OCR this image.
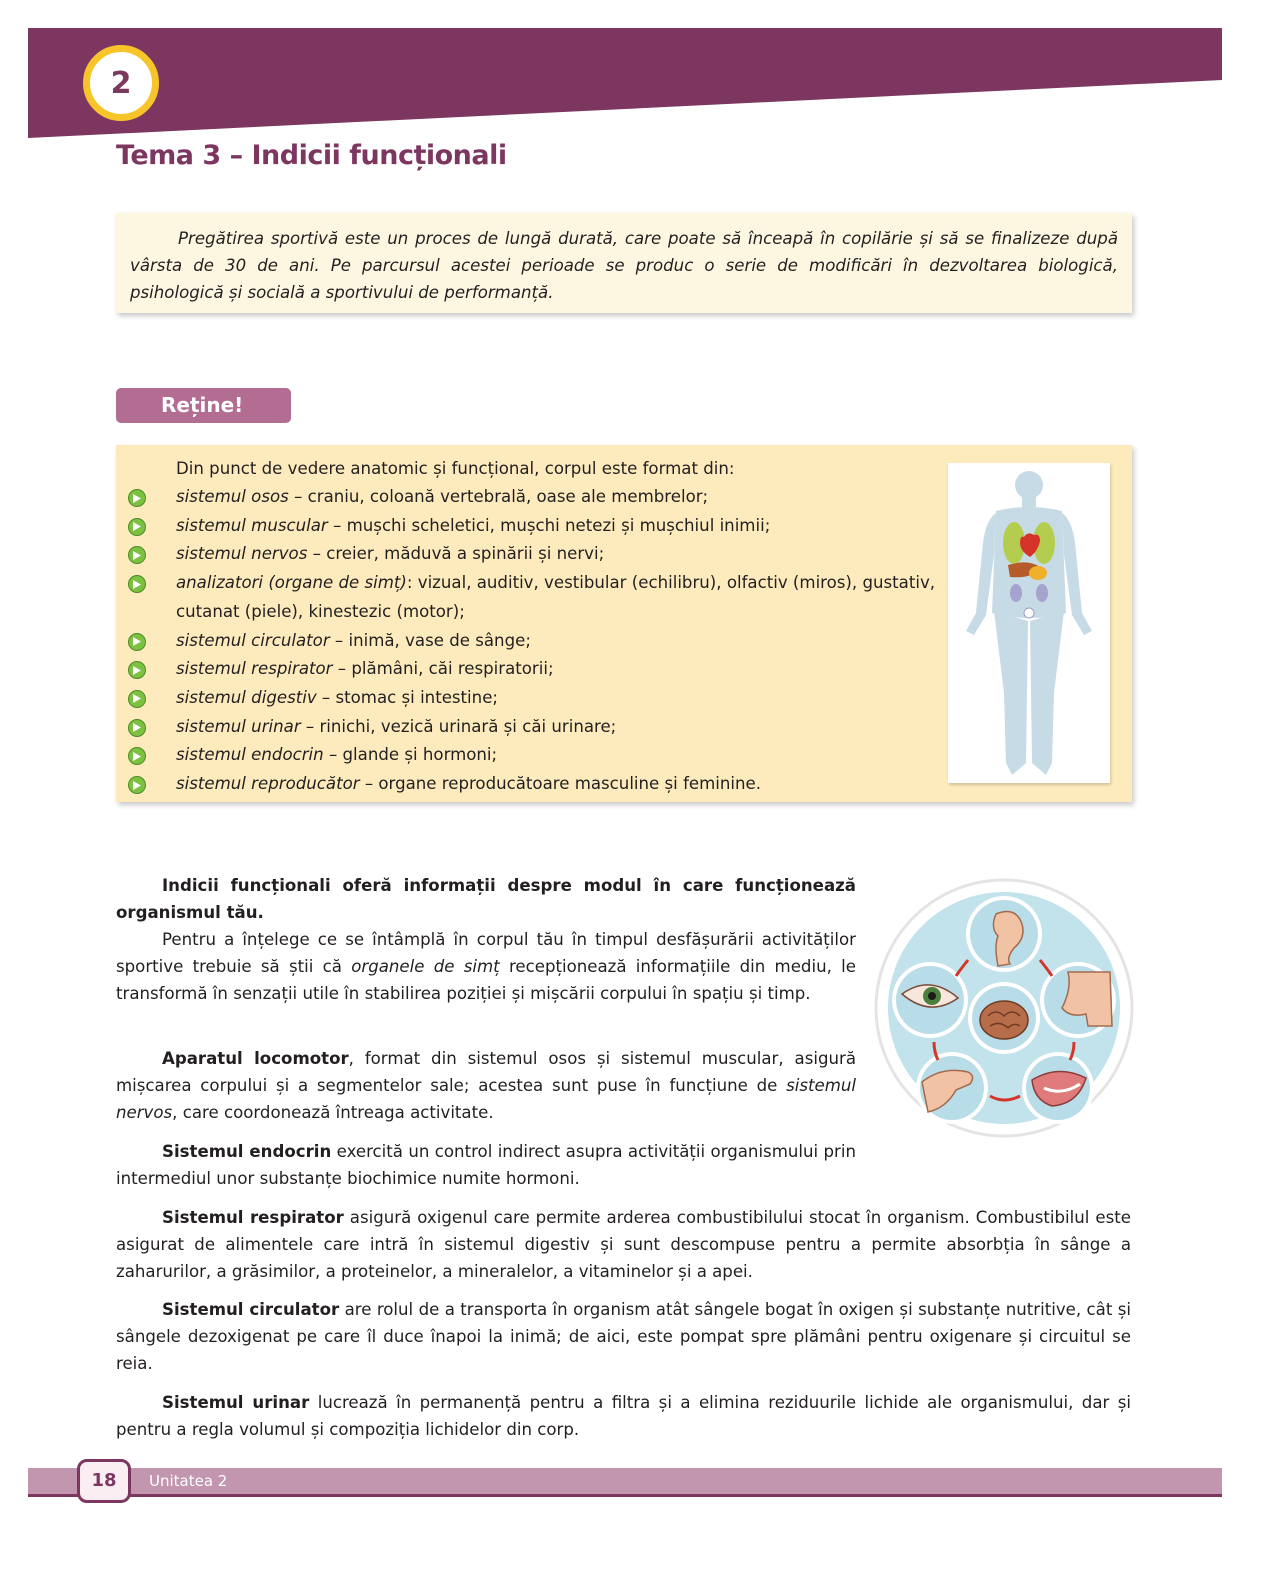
2
Tema 3 – Indicii funcționali

Pregătirea sportivă este un proces de lungă durată, care poate să înceapă în copilărie și să se finalizeze după vârsta de 30 de ani. Pe parcursul acestei perioade se produc o serie de modificări în dezvoltarea biologică, psihologică și socială a sportivului de performanță.

Reține!

Din punct de vedere anatomic și funcțional, corpul este format din:

sistemul osos – craniu, coloană vertebrală, oase ale membrelor;
sistemul muscular – mușchi scheletici, mușchi netezi și mușchiul inimii;
sistemul nervos – creier, măduvă a spinării și nervi;
analizatori (organe de simț): vizual, auditiv, vestibular (echilibru), olfactiv (miros), gustativ, cutanat (piele), kinestezic (motor);
sistemul circulator – inimă, vase de sânge;
sistemul respirator – plămâni, căi respiratorii;
sistemul digestiv – stomac și intestine;
sistemul urinar – rinichi, vezică urinară și căi urinare;
sistemul endocrin – glande și hormoni;
sistemul reproducător – organe reproducătoare masculine și feminine.

Indicii funcționali oferă informații despre modul în care funcționează organismul tău.

Pentru a înțelege ce se întâmplă în corpul tău în timpul desfășurării activităților sportive trebuie să știi că organele de simț recepționează informațiile din mediu, le transformă în senzații utile în stabilirea poziției și mișcării corpului în spațiu și timp.

Aparatul locomotor, format din sistemul osos și sistemul muscular, asigură mișcarea corpului și a segmentelor sale; acestea sunt puse în funcțiune de sistemul nervos, care coordonează întreaga activitate.

Sistemul endocrin exercită un control indirect asupra activității organismului prin intermediul unor substanțe biochimice numite hormoni.

Sistemul respirator asigură oxigenul care permite arderea combustibilului stocat în organism. Combustibilul este asigurat de alimentele care intră în sistemul digestiv și sunt descompuse pentru a permite absorbția în sânge a zaharurilor, a grăsimilor, a proteinelor, a mineralelor, a vitaminelor și a apei.

Sistemul circulator are rolul de a transporta în organism atât sângele bogat în oxigen și substanțe nutritive, cât și sângele dezoxigenat pe care îl duce înapoi la inimă; de aici, este pompat spre plămâni pentru oxigenare și circuitul se reia.

Sistemul urinar lucrează în permanență pentru a filtra și a elimina reziduurile lichide ale organismului, dar și pentru a regla volumul și compoziția lichidelor din corp.

18	Unitatea 2
